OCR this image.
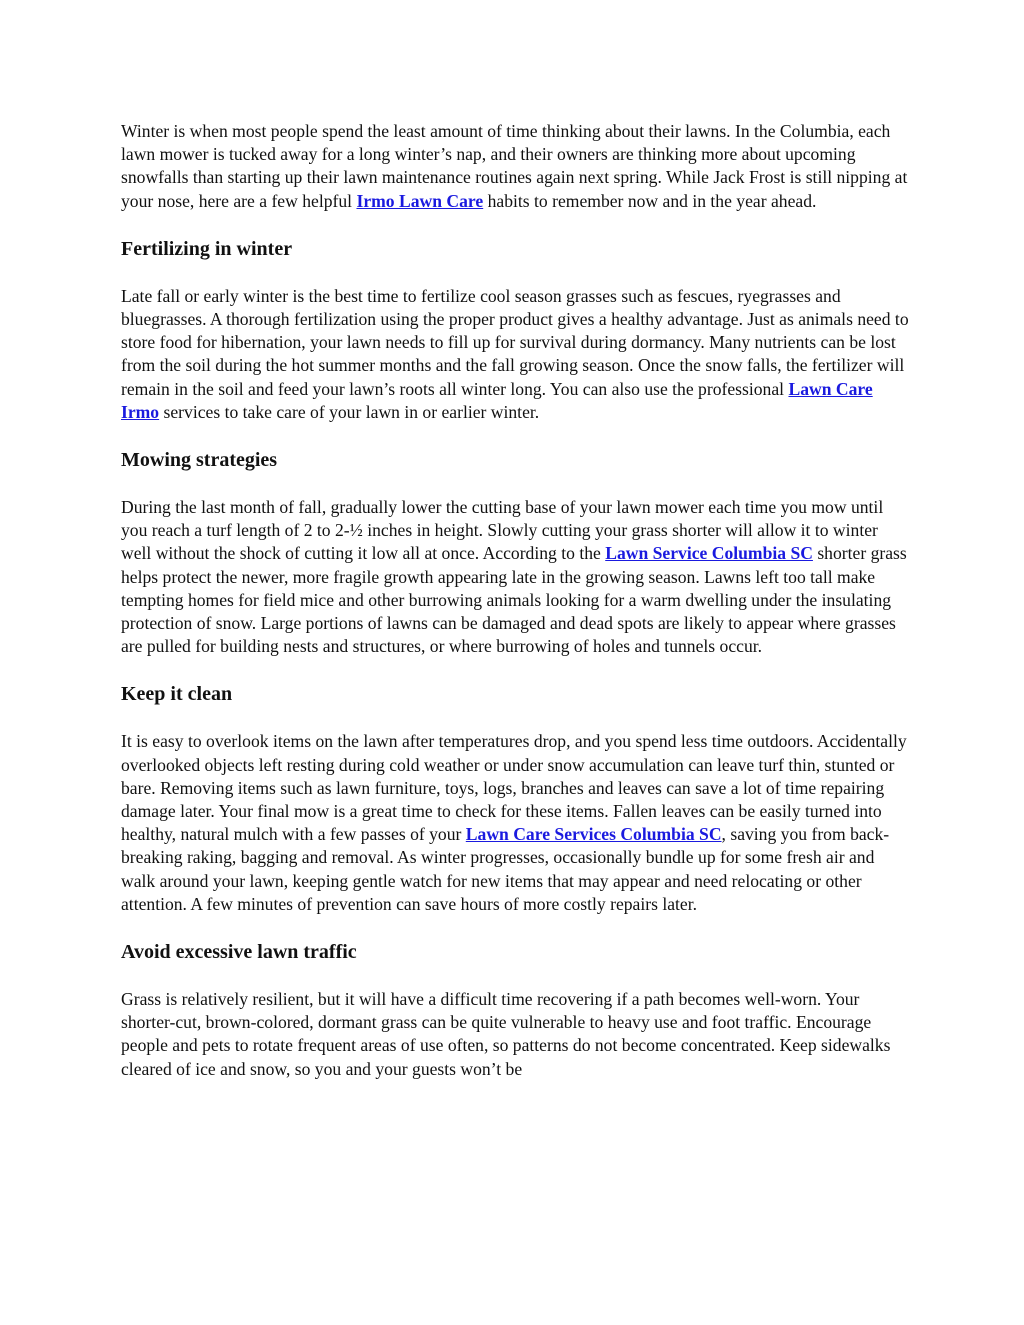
Winter is when most people spend the least amount of time thinking about their lawns. In the Columbia, each lawn mower is tucked away for a long winter’s nap, and their owners are thinking more about upcoming snowfalls than starting up their lawn maintenance routines again next spring. While Jack Frost is still nipping at your nose, here are a few helpful Irmo Lawn Care habits to remember now and in the year ahead.

Fertilizing in winter

Late fall or early winter is the best time to fertilize cool season grasses such as fescues, ryegrasses and bluegrasses. A thorough fertilization using the proper product gives a healthy advantage. Just as animals need to store food for hibernation, your lawn needs to fill up for survival during dormancy. Many nutrients can be lost from the soil during the hot summer months and the fall growing season. Once the snow falls, the fertilizer will remain in the soil and feed your lawn’s roots all winter long. You can also use the professional Lawn Care Irmo services to take care of your lawn in or earlier winter.

Mowing strategies

During the last month of fall, gradually lower the cutting base of your lawn mower each time you mow until you reach a turf length of 2 to 2-½ inches in height. Slowly cutting your grass shorter will allow it to winter well without the shock of cutting it low all at once. According to the Lawn Service Columbia SC shorter grass helps protect the newer, more fragile growth appearing late in the growing season. Lawns left too tall make tempting homes for field mice and other burrowing animals looking for a warm dwelling under the insulating protection of snow. Large portions of lawns can be damaged and dead spots are likely to appear where grasses are pulled for building nests and structures, or where burrowing of holes and tunnels occur.

Keep it clean

It is easy to overlook items on the lawn after temperatures drop, and you spend less time outdoors. Accidentally overlooked objects left resting during cold weather or under snow accumulation can leave turf thin, stunted or bare. Removing items such as lawn furniture, toys, logs, branches and leaves can save a lot of time repairing damage later. Your final mow is a great time to check for these items. Fallen leaves can be easily turned into healthy, natural mulch with a few passes of your Lawn Care Services Columbia SC, saving you from back-breaking raking, bagging and removal. As winter progresses, occasionally bundle up for some fresh air and walk around your lawn, keeping gentle watch for new items that may appear and need relocating or other attention. A few minutes of prevention can save hours of more costly repairs later.

Avoid excessive lawn traffic

Grass is relatively resilient, but it will have a difficult time recovering if a path becomes well-worn. Your shorter-cut, brown-colored, dormant grass can be quite vulnerable to heavy use and foot traffic. Encourage people and pets to rotate frequent areas of use often, so patterns do not become concentrated. Keep sidewalks cleared of ice and snow, so you and your guests won’t be
